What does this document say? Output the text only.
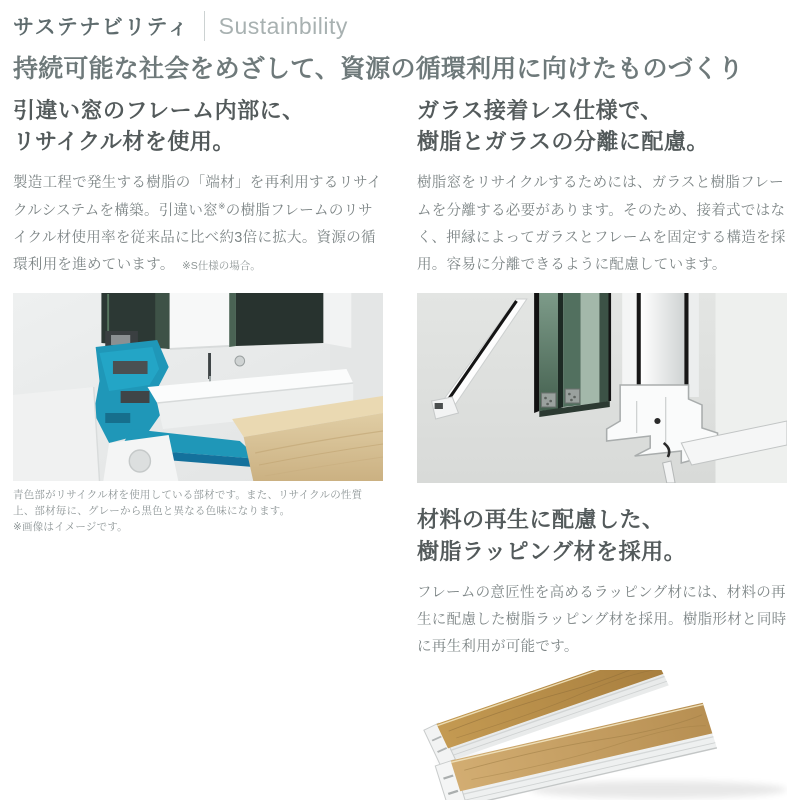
サステナビリティ Sustainbility
持続可能な社会をめざして、資源の循環利用に向けたものづくり
引違い窓のフレーム内部に、
リサイクル材を使用。

製造工程で発生する樹脂の「端材」を再利用するリサイクルシステムを構築。引違い窓※の樹脂フレームのリサイクル材使用率を従来品に比べ約3倍に拡大。資源の循環利用を進めています。 ※S仕様の場合。

青色部がリサイクル材を使用している部材です。また、リサイクルの性質上、部材毎に、グレーから黒色と異なる色味になります。
※画像はイメージです。
ガラス接着レス仕様で、
樹脂とガラスの分離に配慮。

樹脂窓をリサイクルするためには、ガラスと樹脂フレームを分離する必要があります。そのため、接着式ではなく、押縁によってガラスとフレームを固定する構造を採用。容易に分離できるように配慮しています。

材料の再生に配慮した、
樹脂ラッピング材を採用。

フレームの意匠性を高めるラッピング材には、材料の再生に配慮した樹脂ラッピング材を採用。樹脂形材と同時に再生利用が可能です。
